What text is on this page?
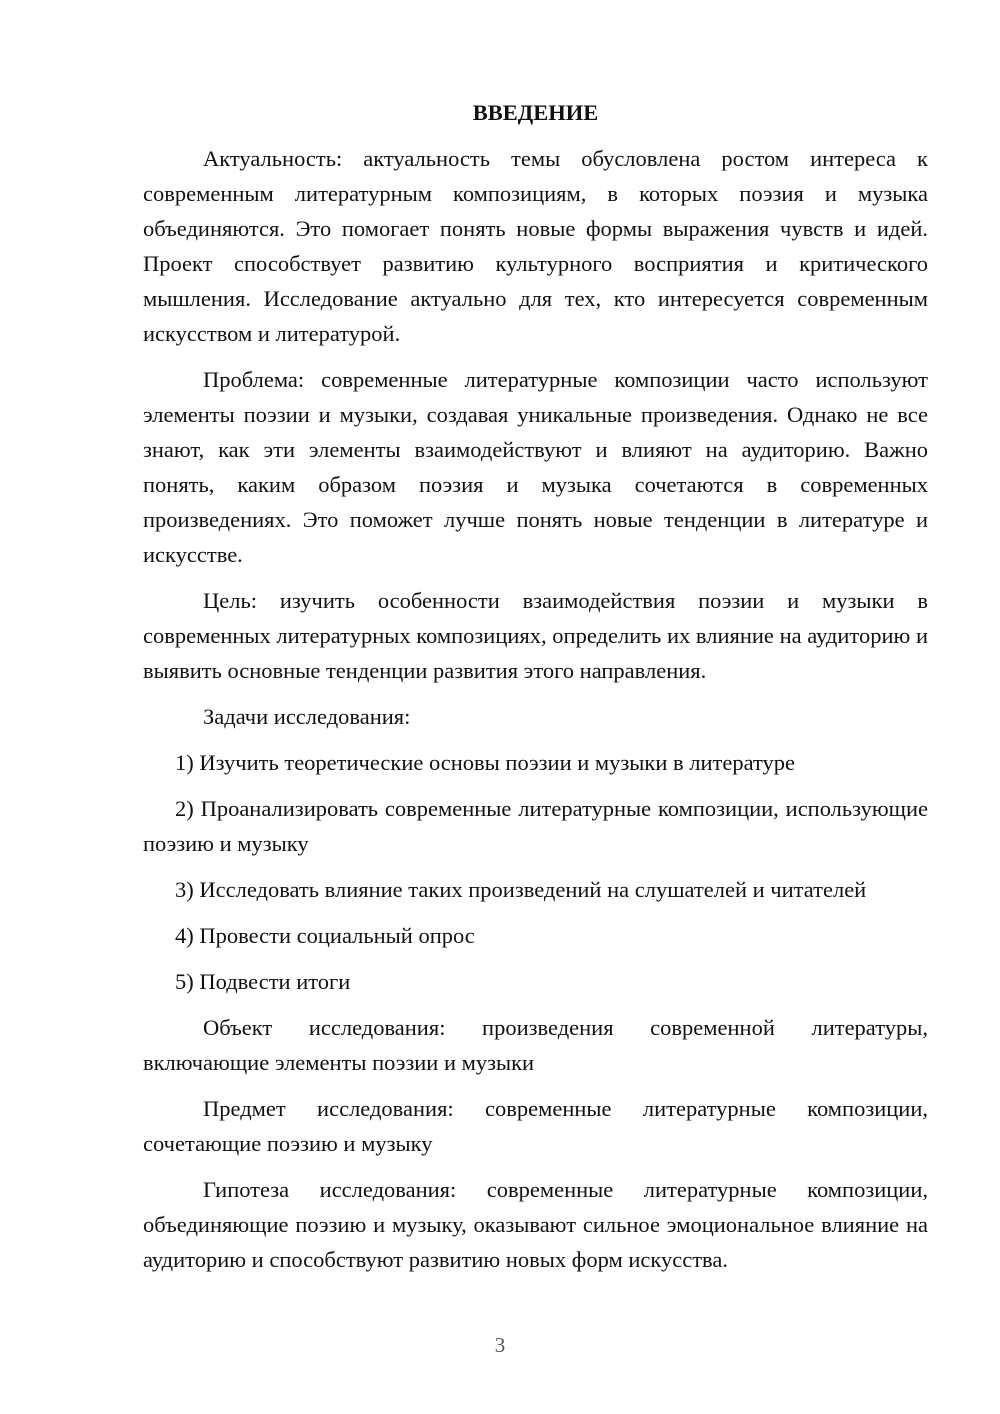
ВВЕДЕНИЕ

Актуальность: актуальность темы обусловлена ростом интереса к современным литературным композициям, в которых поэзия и музыка объединяются. Это помогает понять новые формы выражения чувств и идей. Проект способствует развитию культурного восприятия и критического мышления. Исследование актуально для тех, кто интересуется современным искусством и литературой.

Проблема: современные литературные композиции часто используют элементы поэзии и музыки, создавая уникальные произведения. Однако не все знают, как эти элементы взаимодействуют и влияют на аудиторию. Важно понять, каким образом поэзия и музыка сочетаются в современных произведениях. Это поможет лучше понять новые тенденции в литературе и искусстве.

Цель: изучить особенности взаимодействия поэзии и музыки в современных литературных композициях, определить их влияние на аудиторию и выявить основные тенденции развития этого направления.

Задачи исследования:

1) Изучить теоретические основы поэзии и музыки в литературе

2) Проанализировать современные литературные композиции, использующие поэзию и музыку

3) Исследовать влияние таких произведений на слушателей и читателей

4) Провести социальный опрос

5) Подвести итоги

Объект исследования: произведения современной литературы, включающие элементы поэзии и музыки

Предмет исследования: современные литературные композиции, сочетающие поэзию и музыку

Гипотеза исследования: современные литературные композиции, объединяющие поэзию и музыку, оказывают сильное эмоциональное влияние на аудиторию и способствуют развитию новых форм искусства.

3
